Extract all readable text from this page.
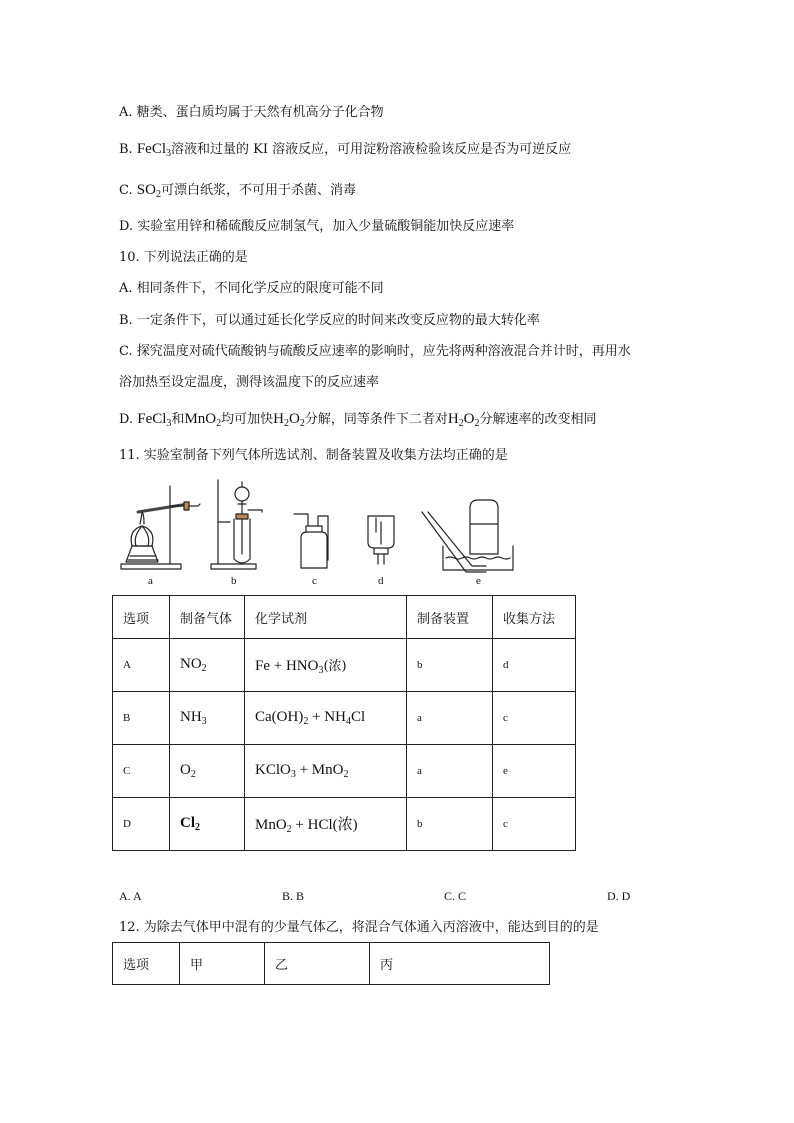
A. 糖类、蛋白质均属于天然有机高分子化合物
B. FeCl$_3$溶液和过量的 KI 溶液反应，可用淀粉溶液检验该反应是否为可逆反应
C. $SO_2$可漂白纸浆，不可用于杀菌、消毒
D. 实验室用锌和稀硫酸反应制氢气，加入少量硫酸铜能加快反应速率
10. 下列说法正确的是
A. 相同条件下，不同化学反应的限度可能不同
B. 一定条件下，可以通过延长化学反应的时间来改变反应物的最大转化率
C. 探究温度对硫代硫酸钠与硫酸反应速率的影响时，应先将两种溶液混合并计时，再用水
浴加热至设定温度，测得该温度下的反应速率
D. FeCl$_3$和MnO$_2$均可加快$H_2O_2$分解，同等条件下二者对$H_2O_2$分解速率的改变相同
11. 实验室制备下列气体所选试剂、制备装置及收集方法均正确的是
a	b	c	d	e
选项	制备气体	化学试剂	制备装置	收集方法
A	$NO_2$	$Fe + HNO_3$(浓)	b	d
B	$NH_3$	$Ca(OH)_2 + NH_4Cl$	a	c
C	$O_2$	KClO$_3$ + MnO$_2$	a	e
D	$Cl_2$	MnO$_2$ + HCl(浓)	b	c
A. A	B. B	C. C	D. D
12. 为除去气体甲中混有的少量气体乙，将混合气体通入丙溶液中，能达到目的的是
选项	甲	乙	丙
